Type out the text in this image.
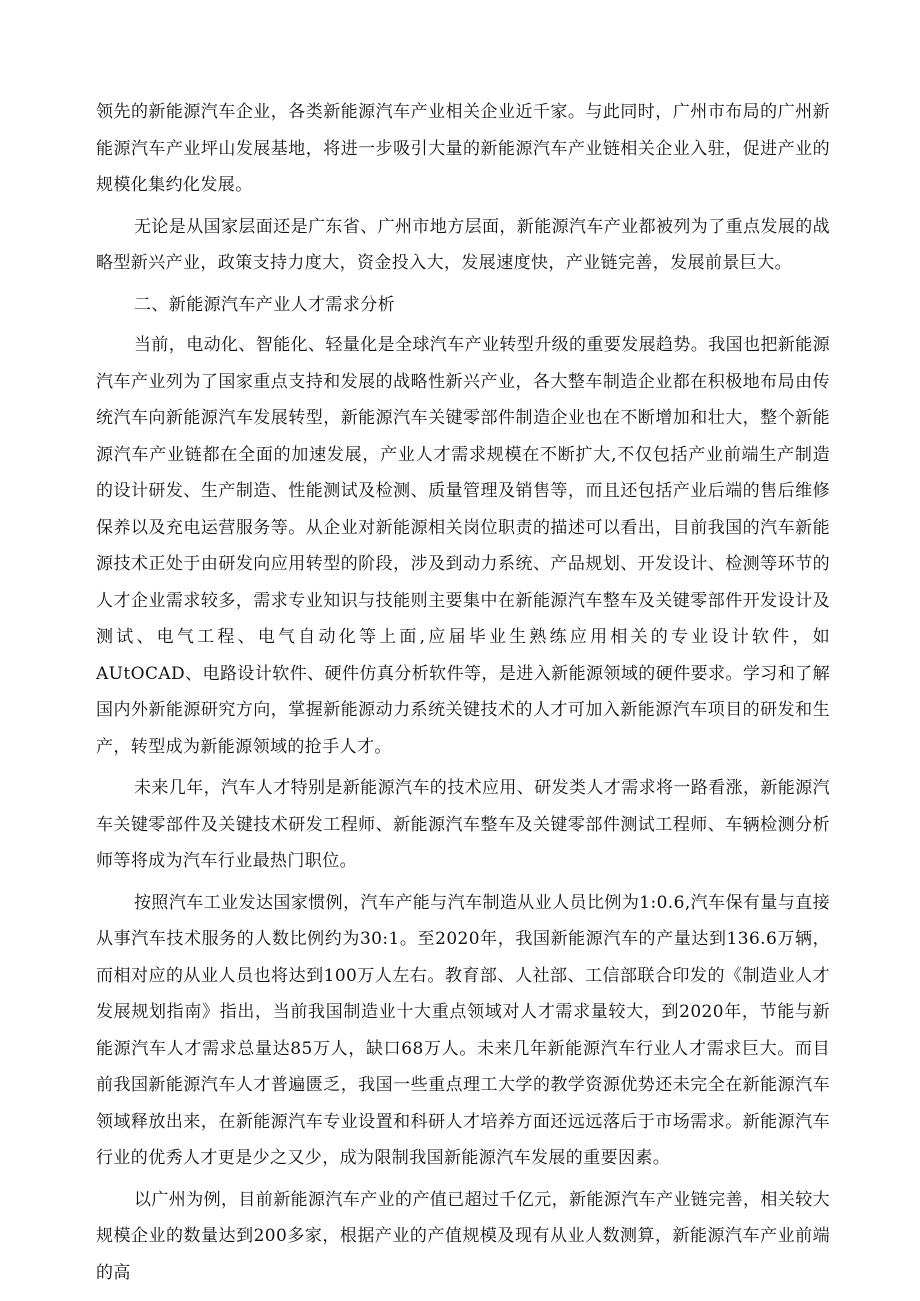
领先的新能源汽车企业，各类新能源汽车产业相关企业近千家。与此同时，广州市布局的广州新能源汽车产业坪山发展基地，将进一步吸引大量的新能源汽车产业链相关企业入驻，促进产业的规模化集约化发展。

无论是从国家层面还是广东省、广州市地方层面，新能源汽车产业都被列为了重点发展的战略型新兴产业，政策支持力度大，资金投入大，发展速度快，产业链完善，发展前景巨大。

二、新能源汽车产业人才需求分析

当前，电动化、智能化、轻量化是全球汽车产业转型升级的重要发展趋势。我国也把新能源汽车产业列为了国家重点支持和发展的战略性新兴产业，各大整车制造企业都在积极地布局由传统汽车向新能源汽车发展转型，新能源汽车关键零部件制造企业也在不断增加和壮大，整个新能源汽车产业链都在全面的加速发展，产业人才需求规模在不断扩大,不仅包括产业前端生产制造的设计研发、生产制造、性能测试及检测、质量管理及销售等，而且还包括产业后端的售后维修保养以及充电运营服务等。从企业对新能源相关岗位职责的描述可以看出，目前我国的汽车新能源技术正处于由研发向应用转型的阶段，涉及到动力系统、产品规划、开发设计、检测等环节的人才企业需求较多，需求专业知识与技能则主要集中在新能源汽车整车及关键零部件开发设计及测试、电气工程、电气自动化等上面,应届毕业生熟练应用相关的专业设计软件，如AUtOCAD、电路设计软件、硬件仿真分析软件等，是进入新能源领域的硬件要求。学习和了解国内外新能源研究方向，掌握新能源动力系统关键技术的人才可加入新能源汽车项目的研发和生产，转型成为新能源领域的抢手人才。

未来几年，汽车人才特别是新能源汽车的技术应用、研发类人才需求将一路看涨，新能源汽车关键零部件及关键技术研发工程师、新能源汽车整车及关键零部件测试工程师、车辆检测分析师等将成为汽车行业最热门职位。

按照汽车工业发达国家惯例，汽车产能与汽车制造从业人员比例为1:0.6,汽车保有量与直接从事汽车技术服务的人数比例约为30:1。至2020年，我国新能源汽车的产量达到136.6万辆，而相对应的从业人员也将达到100万人左右。教育部、人社部、工信部联合印发的《制造业人才发展规划指南》指出，当前我国制造业十大重点领域对人才需求量较大，到2020年，节能与新能源汽车人才需求总量达85万人，缺口68万人。未来几年新能源汽车行业人才需求巨大。而目前我国新能源汽车人才普遍匮乏，我国一些重点理工大学的教学资源优势还未完全在新能源汽车领域释放出来，在新能源汽车专业设置和科研人才培养方面还远远落后于市场需求。新能源汽车行业的优秀人才更是少之又少，成为限制我国新能源汽车发展的重要因素。

以广州为例，目前新能源汽车产业的产值已超过千亿元，新能源汽车产业链完善，相关较大规模企业的数量达到200多家，根据产业的产值规模及现有从业人数测算，新能源汽车产业前端的高
